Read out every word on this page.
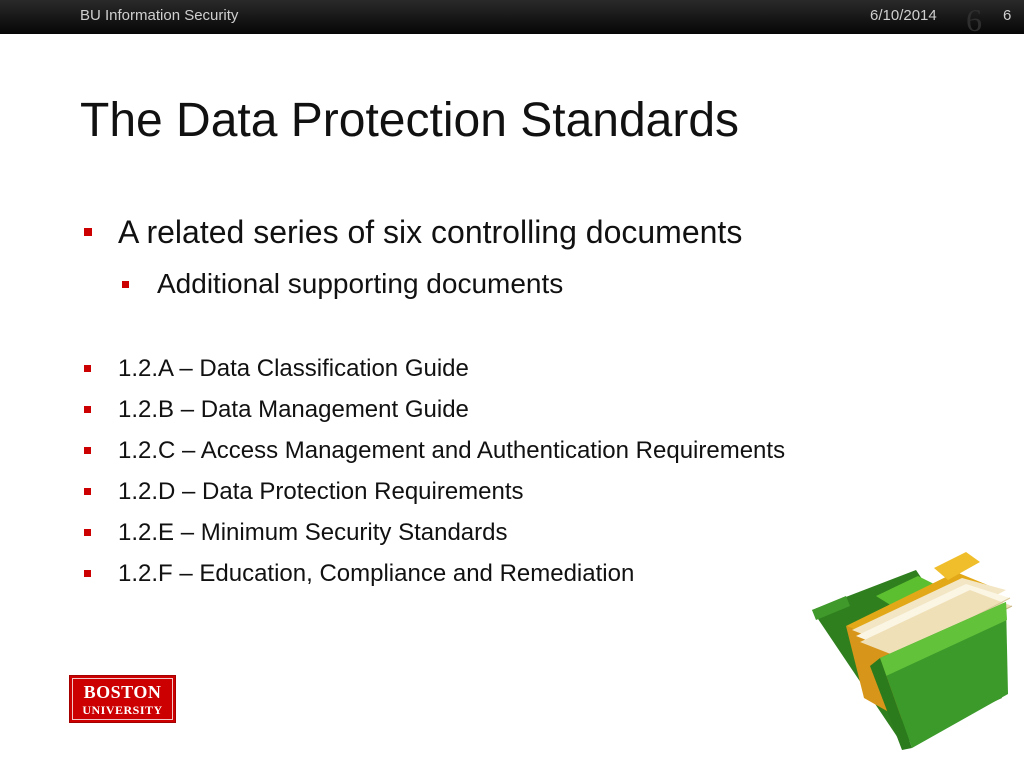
BU Information Security	6/10/2014 6 6
The Data Protection Standards
A related series of six controlling documents
Additional supporting documents
1.2.A – Data Classification Guide
1.2.B – Data Management Guide
1.2.C – Access Management and Authentication Requirements
1.2.D – Data Protection Requirements
1.2.E – Minimum Security Standards
1.2.F – Education, Compliance and Remediation
BOSTON
UNIVERSITY
